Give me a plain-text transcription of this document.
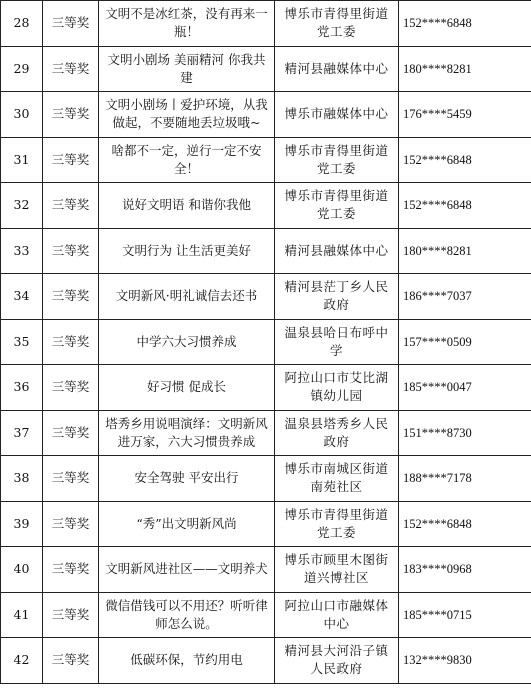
28	三等奖	文明不是冰红茶，没有再来一瓶！	博乐市青得里街道党工委	152****6848
29	三等奖	文明小剧场 美丽精河 你我共建	精河县融媒体中心	180****8281
30	三等奖	文明小剧场丨爱护环境，从我做起，不要随地丢垃圾哦~	博乐市融媒体中心	176****5459
31	三等奖	啥都不一定，逆行一定不安全！	博乐市青得里街道党工委	152****6848
32	三等奖	说好文明语 和谐你我他	博乐市青得里街道党工委	152****6848
33	三等奖	文明行为 让生活更美好	精河县融媒体中心	180****8281
34	三等奖	文明新风·明礼诚信去还书	精河县茫丁乡人民政府	186****7037
35	三等奖	中学六大习惯养成	温泉县哈日布呼中学	157****0509
36	三等奖	好习惯 促成长	阿拉山口市艾比湖镇幼儿园	185****0047
37	三等奖	塔秀乡用说唱演绎：文明新风进万家，六大习惯贵养成	温泉县塔秀乡人民政府	151****8730
38	三等奖	安全驾驶 平安出行	博乐市南城区街道南苑社区	188****7178
39	三等奖	“秀”出文明新风尚	博乐市青得里街道党工委	152****6848
40	三等奖	文明新风进社区——文明养犬	博乐市顾里木图街道兴博社区	183****0968
41	三等奖	微信借钱可以不用还？听听律师怎么说。	阿拉山口市融媒体中心	185****0715
42	三等奖	低碳环保，节约用电	精河县大河沿子镇人民政府	132****9830
